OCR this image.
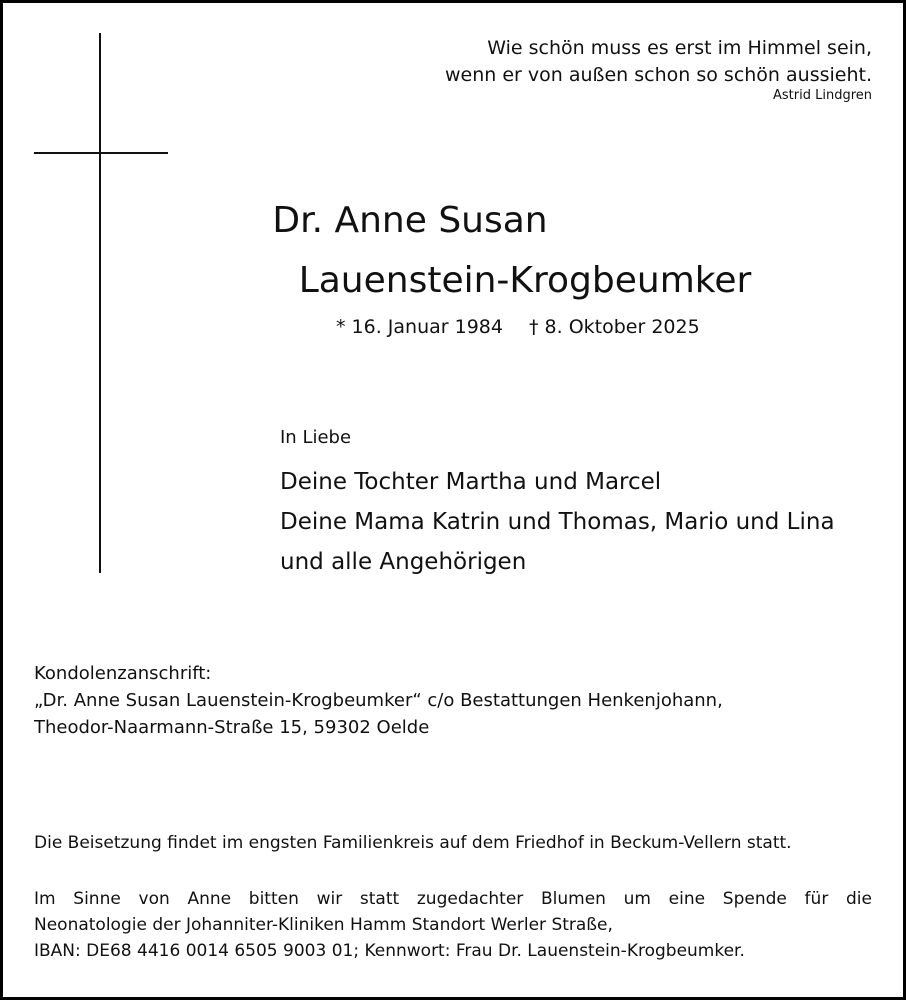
Wie schön muss es erst im Himmel sein,
wenn er von außen schon so schön aussieht.
Astrid Lindgren
Dr. Anne Susan
Lauenstein-Krogbeumker
* 16. Januar 1984 † 8. Oktober 2025
In Liebe
Deine Tochter Martha und Marcel
Deine Mama Katrin und Thomas, Mario und Lina
und alle Angehörigen
Kondolenzanschrift:
„Dr. Anne Susan Lauenstein-Krogbeumker“ c/o Bestattungen Henkenjohann,
Theodor-Naarmann-Straße 15, 59302 Oelde
Die Beisetzung findet im engsten Familienkreis auf dem Friedhof in Beckum-Vellern statt.
Im Sinne von Anne bitten wir statt zugedachter Blumen um eine Spende für die
Neonatologie der Johanniter-Kliniken Hamm Standort Werler Straße,
IBAN: DE68 4416 0014 6505 9003 01; Kennwort: Frau Dr. Lauenstein-Krogbeumker.
